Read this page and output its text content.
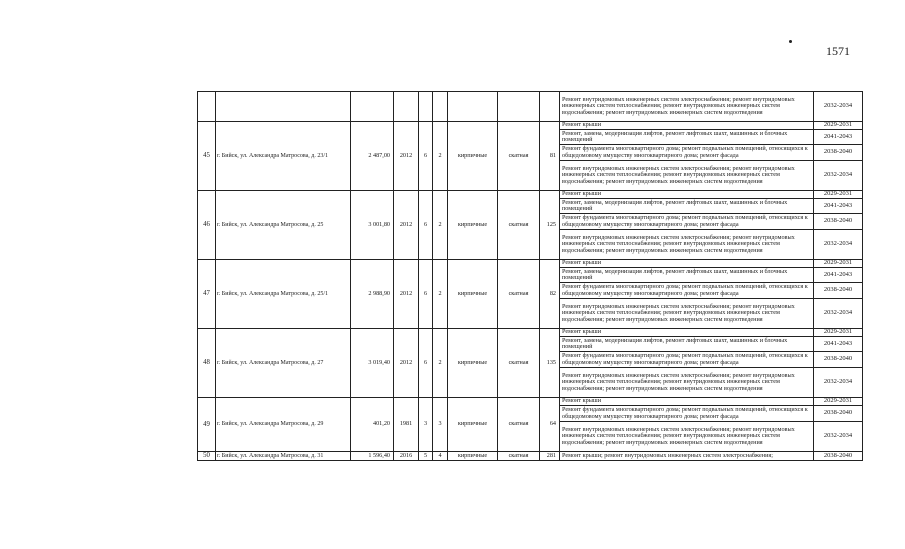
1571
									Ремонт внутридомовых инженерных систем электроснабжения; ремонт внутридомовых инженерных систем теплоснабжения; ремонт внутридомовых инженерных систем водоснабжения; ремонт внутридомовых инженерных систем водоотведения	2032-2034
45	г. Бийск, ул. Александра Матросова, д. 23/1	2 487,00	2012	6	2	кирпичные	скатная	81	Ремонт крыши	2029-2031
									Ремонт, замена, модернизация лифтов, ремонт лифтовых шахт, машинных и блочных помещений	2041-2043
									Ремонт фундамента многоквартирного дома; ремонт подвальных помещений, относящихся к общедомовому имуществу многоквартирного дома; ремонт фасада	2038-2040
									Ремонт внутридомовых инженерных систем электроснабжения; ремонт внутридомовых инженерных систем теплоснабжения; ремонт внутридомовых инженерных систем водоснабжения; ремонт внутридомовых инженерных систем водоотведения	2032-2034
46	г. Бийск, ул. Александра Матросова, д. 25	3 001,80	2012	6	2	кирпичные	скатная	125	Ремонт крыши	2029-2031
									Ремонт, замена, модернизация лифтов, ремонт лифтовых шахт, машинных и блочных помещений	2041-2043
									Ремонт фундамента многоквартирного дома; ремонт подвальных помещений, относящихся к общедомовому имуществу многоквартирного дома; ремонт фасада	2038-2040
									Ремонт внутридомовых инженерных систем электроснабжения; ремонт внутридомовых инженерных систем теплоснабжения; ремонт внутридомовых инженерных систем водоснабжения; ремонт внутридомовых инженерных систем водоотведения	2032-2034
47	г. Бийск, ул. Александра Матросова, д. 25/1	2 988,90	2012	6	2	кирпичные	скатная	82	Ремонт крыши	2029-2031
									Ремонт, замена, модернизация лифтов, ремонт лифтовых шахт, машинных и блочных помещений	2041-2043
									Ремонт фундамента многоквартирного дома; ремонт подвальных помещений, относящихся к общедомовому имуществу многоквартирного дома; ремонт фасада	2038-2040
									Ремонт внутридомовых инженерных систем электроснабжения; ремонт внутридомовых инженерных систем теплоснабжения; ремонт внутридомовых инженерных систем водоснабжения; ремонт внутридомовых инженерных систем водоотведения	2032-2034
48	г. Бийск, ул. Александра Матросова, д. 27	3 019,40	2012	6	2	кирпичные	скатная	135	Ремонт крыши	2029-2031
									Ремонт, замена, модернизация лифтов, ремонт лифтовых шахт, машинных и блочных помещений	2041-2043
									Ремонт фундамента многоквартирного дома; ремонт подвальных помещений, относящихся к общедомовому имуществу многоквартирного дома; ремонт фасада	2038-2040
									Ремонт внутридомовых инженерных систем электроснабжения; ремонт внутридомовых инженерных систем теплоснабжения; ремонт внутридомовых инженерных систем водоснабжения; ремонт внутридомовых инженерных систем водоотведения	2032-2034
49	г. Бийск, ул. Александра Матросова, д. 29	401,20	1981	3	3	кирпичные	скатная	64	Ремонт крыши	2029-2031
									Ремонт фундамента многоквартирного дома; ремонт подвальных помещений, относящихся к общедомовому имуществу многоквартирного дома; ремонт фасада	2038-2040
									Ремонт внутридомовых инженерных систем электроснабжения; ремонт внутридомовых инженерных систем теплоснабжения; ремонт внутридомовых инженерных систем водоснабжения; ремонт внутридомовых инженерных систем водоотведения	2032-2034
50	г. Бийск, ул. Александра Матросова, д. 31	1 596,40	2016	5	4	кирпичные	скатная	281	Ремонт крыши; ремонт внутридомовых инженерных систем электроснабжения;	2038-2040
